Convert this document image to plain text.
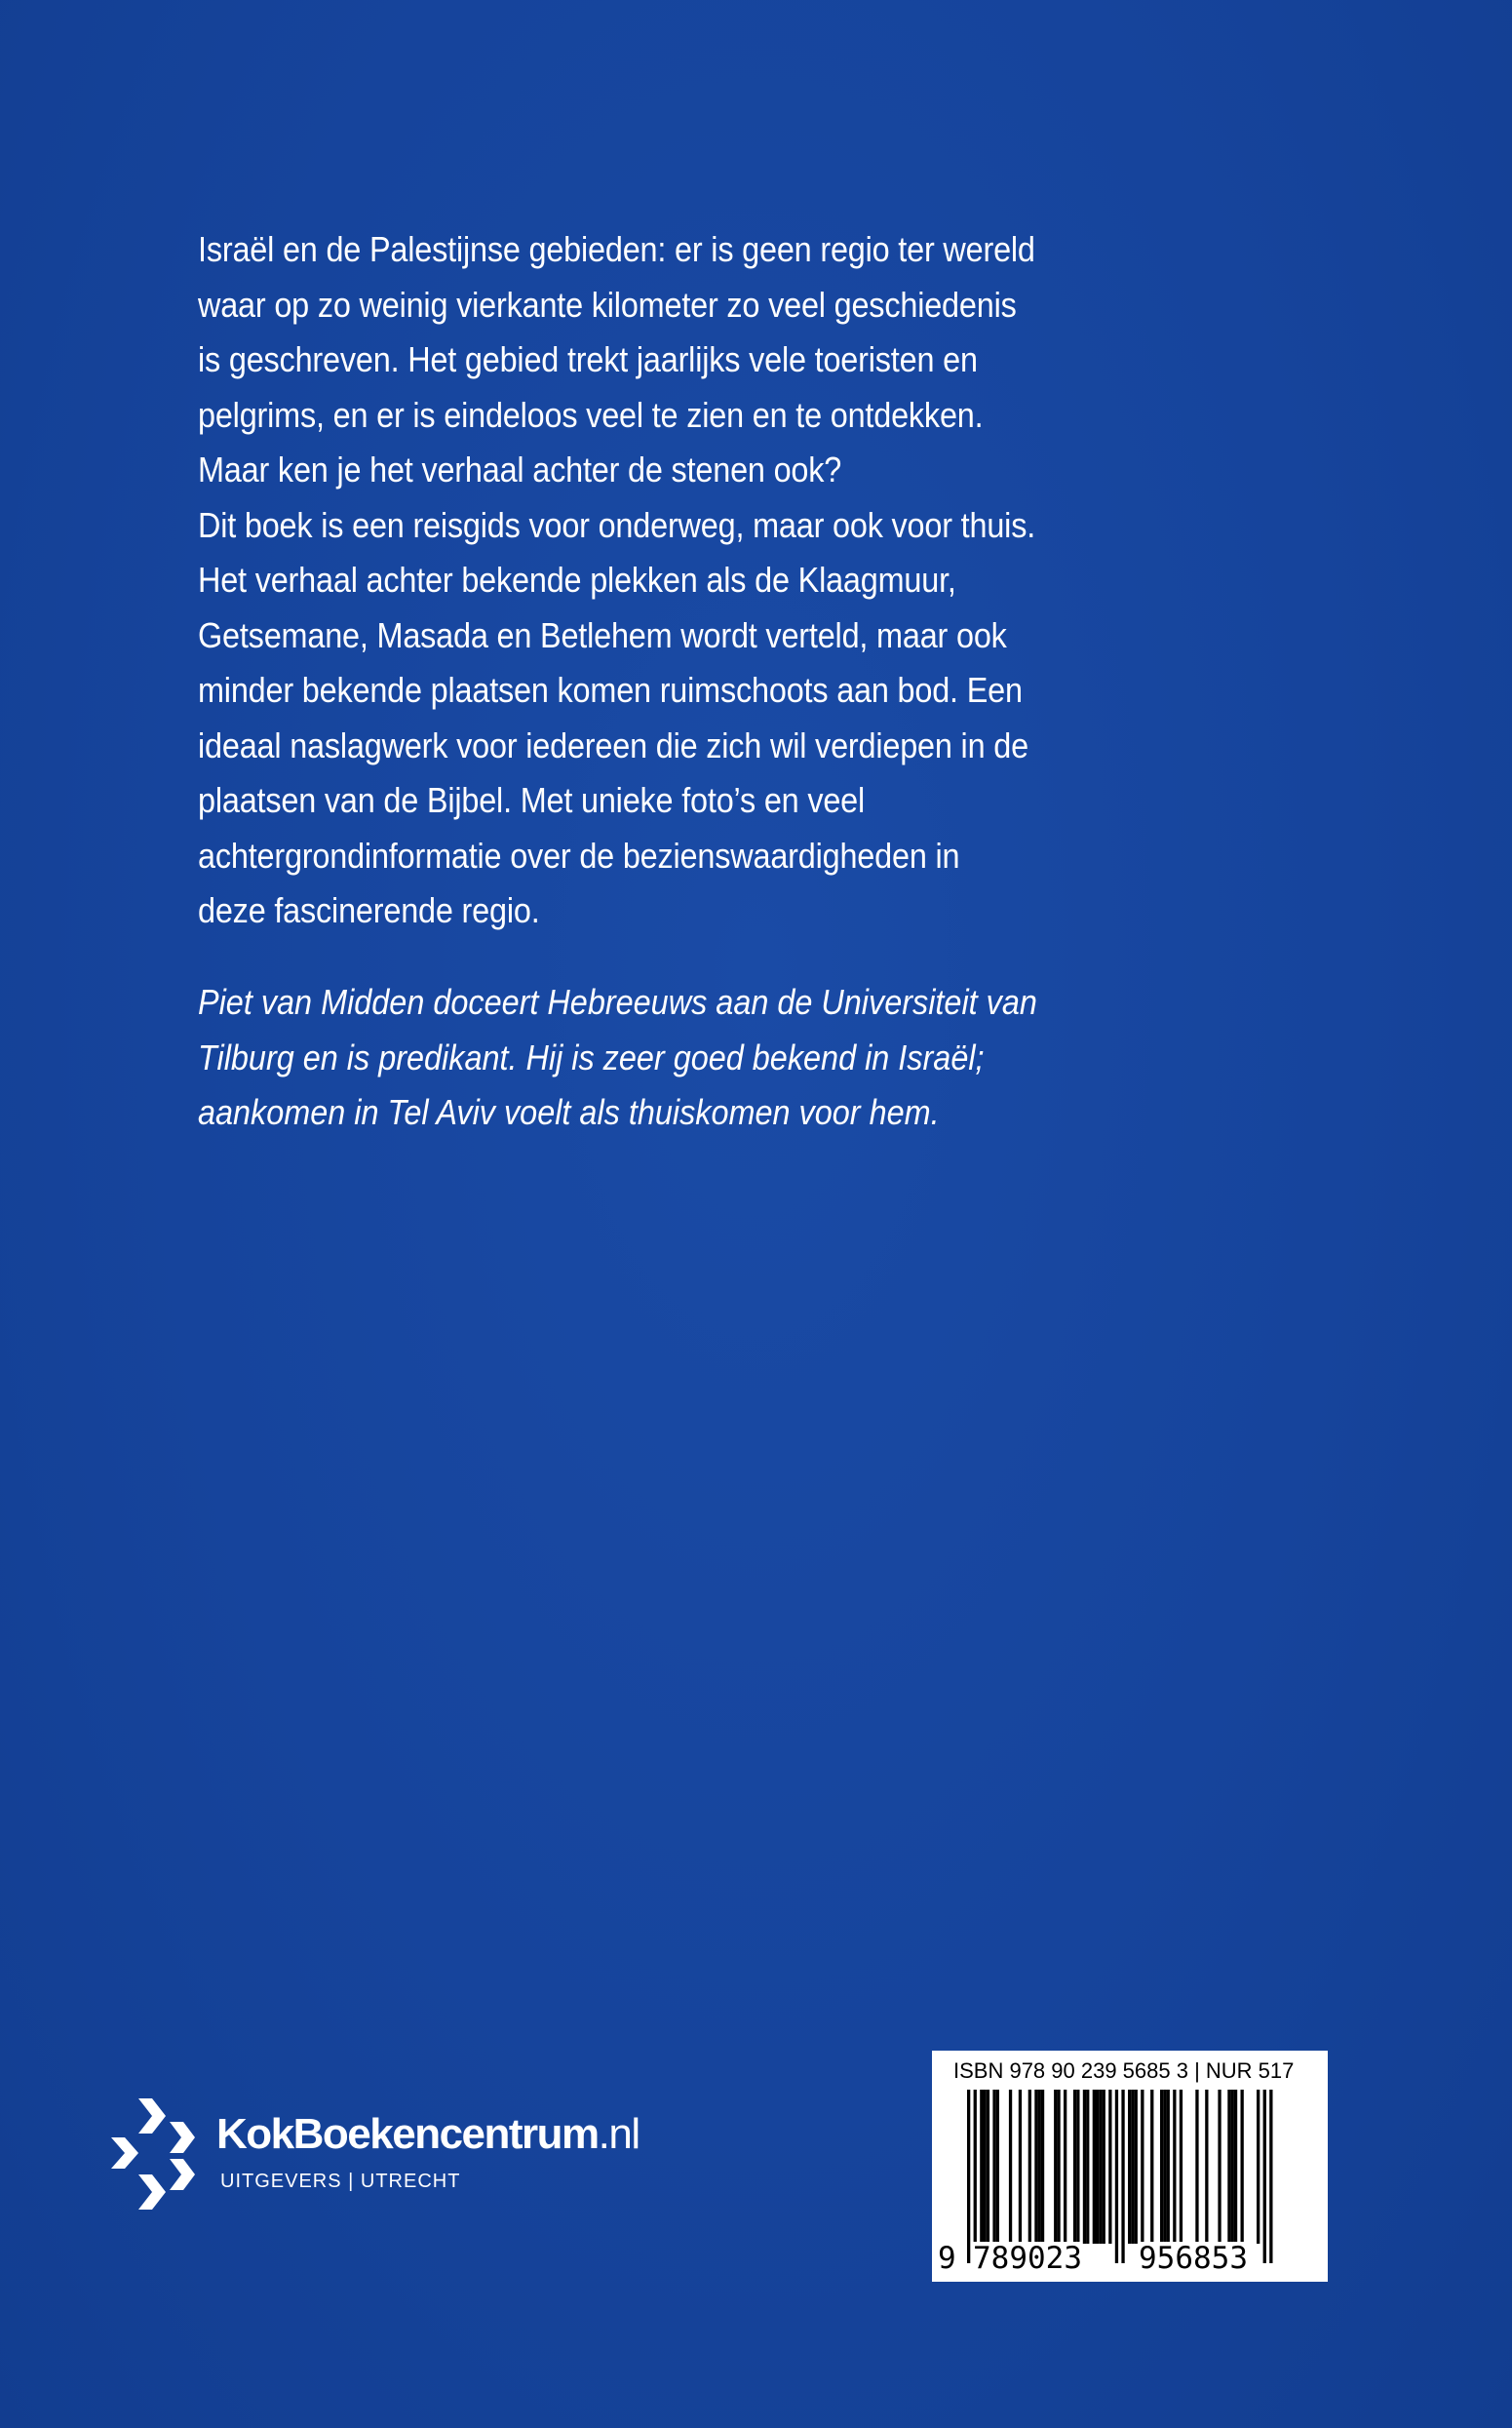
Israël en de Palestijnse gebieden: er is geen regio ter wereld
waar op zo weinig vierkante kilometer zo veel geschiedenis
is geschreven. Het gebied trekt jaarlijks vele toeristen en
pelgrims, en er is eindeloos veel te zien en te ontdekken.
Maar ken je het verhaal achter de stenen ook?
Dit boek is een reisgids voor onderweg, maar ook voor thuis.
Het verhaal achter bekende plekken als de Klaagmuur,
Getsemane, Masada en Betlehem wordt verteld, maar ook
minder bekende plaatsen komen ruimschoots aan bod. Een
ideaal naslagwerk voor iedereen die zich wil verdiepen in de
plaatsen van de Bijbel. Met unieke foto’s en veel
achtergrondinformatie over de bezienswaardigheden in
deze fascinerende regio.
Piet van Midden doceert Hebreeuws aan de Universiteit van
Tilburg en is predikant. Hij is zeer goed bekend in Israël;
aankomen in Tel Aviv voelt als thuiskomen voor hem.
KokBoekencentrum.nl
UITGEVERS | UTRECHT
ISBN 978 90 239 5685 3 | NUR 517
9 789023 956853
